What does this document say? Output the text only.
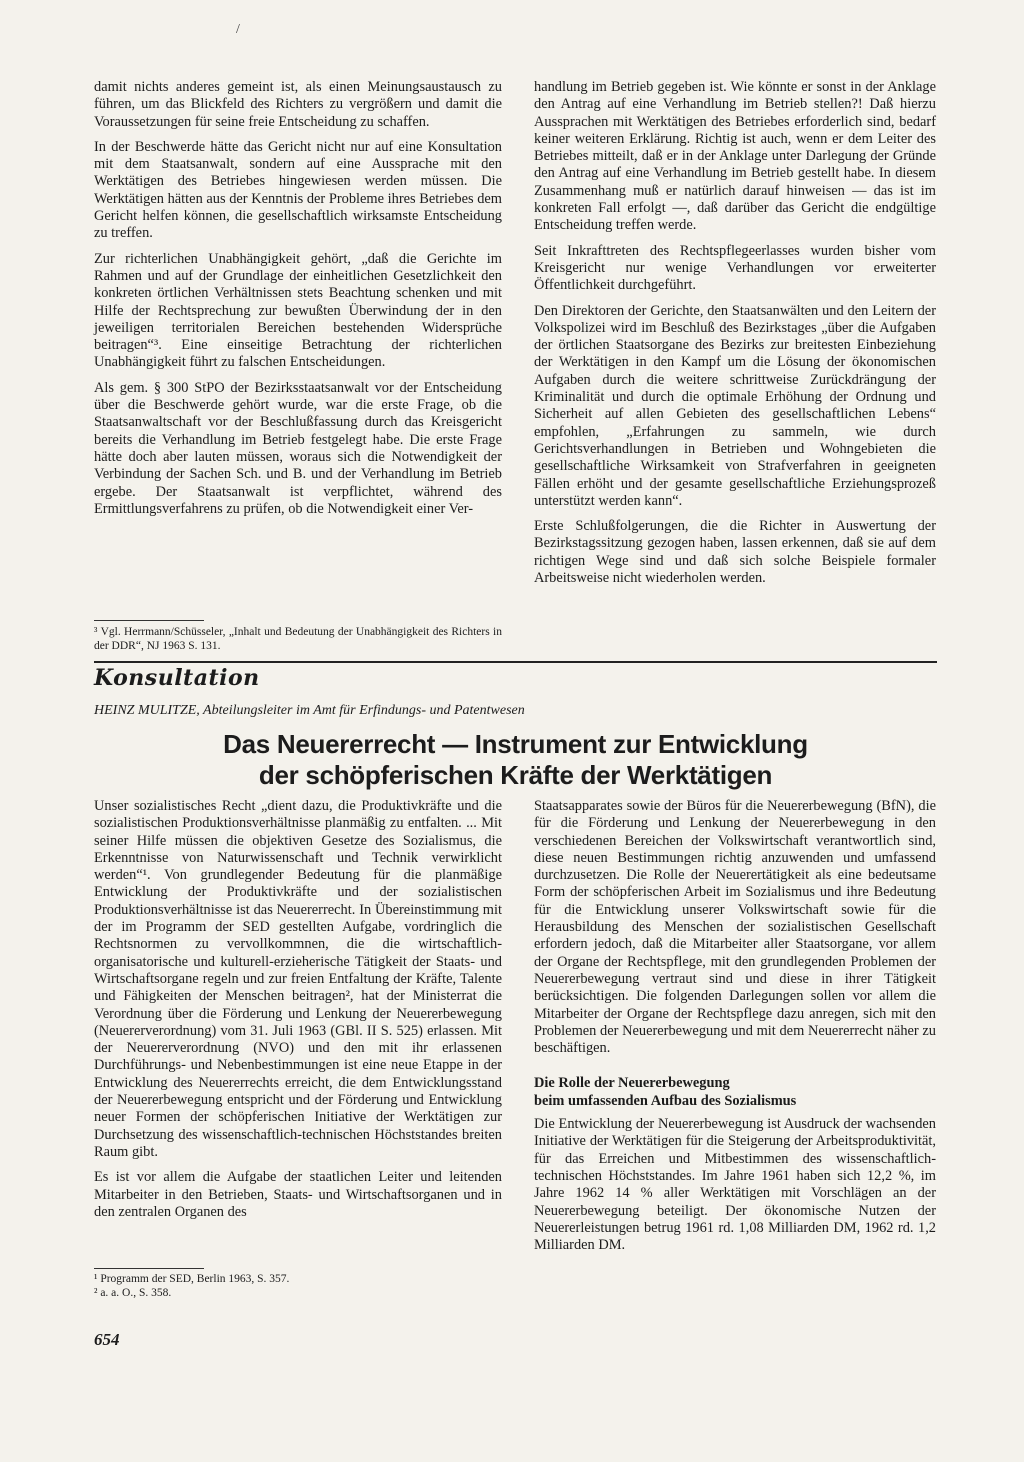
/

damit nichts anderes gemeint ist, als einen Meinungsaustausch zu führen, um das Blickfeld des Richters zu vergrößern und damit die Voraussetzungen für seine freie Entscheidung zu schaffen.

In der Beschwerde hätte das Gericht nicht nur auf eine Konsultation mit dem Staatsanwalt, sondern auf eine Aussprache mit den Werktätigen des Betriebes hingewiesen werden müssen. Die Werktätigen hätten aus der Kenntnis der Probleme ihres Betriebes dem Gericht helfen können, die gesellschaftlich wirksamste Entscheidung zu treffen.

Zur richterlichen Unabhängigkeit gehört, „daß die Gerichte im Rahmen und auf der Grundlage der einheitlichen Gesetzlichkeit den konkreten örtlichen Verhältnissen stets Beachtung schenken und mit Hilfe der Rechtsprechung zur bewußten Überwindung der in den jeweiligen territorialen Bereichen bestehenden Widersprüche beitragen“³. Eine einseitige Betrachtung der richterlichen Unabhängigkeit führt zu falschen Entscheidungen.

Als gem. § 300 StPO der Bezirksstaatsanwalt vor der Entscheidung über die Beschwerde gehört wurde, war die erste Frage, ob die Staatsanwaltschaft vor der Beschlußfassung durch das Kreisgericht bereits die Verhandlung im Betrieb festgelegt habe. Die erste Frage hätte doch aber lauten müssen, woraus sich die Notwendigkeit der Verbindung der Sachen Sch. und B. und der Verhandlung im Betrieb ergebe. Der Staatsanwalt ist verpflichtet, während des Ermittlungsverfahrens zu prüfen, ob die Notwendigkeit einer Ver-

³ Vgl. Herrmann/Schüsseler, „Inhalt und Bedeutung der Unabhängigkeit des Richters in der DDR“, NJ 1963 S. 131.

handlung im Betrieb gegeben ist. Wie könnte er sonst in der Anklage den Antrag auf eine Verhandlung im Betrieb stellen?! Daß hierzu Aussprachen mit Werktätigen des Betriebes erforderlich sind, bedarf keiner weiteren Erklärung. Richtig ist auch, wenn er dem Leiter des Betriebes mitteilt, daß er in der Anklage unter Darlegung der Gründe den Antrag auf eine Verhandlung im Betrieb gestellt habe. In diesem Zusammenhang muß er natürlich darauf hinweisen — das ist im konkreten Fall erfolgt —, daß darüber das Gericht die endgültige Entscheidung treffen werde.

Seit Inkrafttreten des Rechtspflegeerlasses wurden bisher vom Kreisgericht nur wenige Verhandlungen vor erweiterter Öffentlichkeit durchgeführt.

Den Direktoren der Gerichte, den Staatsanwälten und den Leitern der Volkspolizei wird im Beschluß des Bezirkstages „über die Aufgaben der örtlichen Staatsorgane des Bezirks zur breitesten Einbeziehung der Werktätigen in den Kampf um die Lösung der ökonomischen Aufgaben durch die weitere schrittweise Zurückdrängung der Kriminalität und durch die optimale Erhöhung der Ordnung und Sicherheit auf allen Gebieten des gesellschaftlichen Lebens“ empfohlen, „Erfahrungen zu sammeln, wie durch Gerichtsverhandlungen in Betrieben und Wohngebieten die gesellschaftliche Wirksamkeit von Strafverfahren in geeigneten Fällen erhöht und der gesamte gesellschaftliche Erziehungsprozeß unterstützt werden kann“.

Erste Schlußfolgerungen, die die Richter in Auswertung der Bezirkstagssitzung gezogen haben, lassen erkennen, daß sie auf dem richtigen Wege sind und daß sich solche Beispiele formaler Arbeitsweise nicht wiederholen werden.

Konsultation
HEINZ MULITZE, Abteilungsleiter im Amt für Erfindungs- und Patentwesen
Das Neuererrecht — Instrument zur Entwicklung
der schöpferischen Kräfte der Werktätigen

Unser sozialistisches Recht „dient dazu, die Produktivkräfte und die sozialistischen Produktionsverhältnisse planmäßig zu entfalten. ... Mit seiner Hilfe müssen die objektiven Gesetze des Sozialismus, die Erkenntnisse von Naturwissenschaft und Technik verwirklicht werden“¹. Von grundlegender Bedeutung für die planmäßige Entwicklung der Produktivkräfte und der sozialistischen Produktionsverhältnisse ist das Neuererrecht. In Übereinstimmung mit der im Programm der SED gestellten Aufgabe, vordringlich die Rechtsnormen zu vervollkommnen, die die wirtschaftlich-organisatorische und kulturell-erzieherische Tätigkeit der Staats- und Wirtschaftsorgane regeln und zur freien Entfaltung der Kräfte, Talente und Fähigkeiten der Menschen beitragen², hat der Ministerrat die Verordnung über die Förderung und Lenkung der Neuererbewegung (Neuererverordnung) vom 31. Juli 1963 (GBl. II S. 525) erlassen. Mit der Neuererverordnung (NVO) und den mit ihr erlassenen Durchführungs- und Nebenbestimmungen ist eine neue Etappe in der Entwicklung des Neuererrechts erreicht, die dem Entwicklungsstand der Neuererbewegung entspricht und der Förderung und Entwicklung neuer Formen der schöpferischen Initiative der Werktätigen zur Durchsetzung des wissenschaftlich-technischen Höchststandes breiten Raum gibt.

Es ist vor allem die Aufgabe der staatlichen Leiter und leitenden Mitarbeiter in den Betrieben, Staats- und Wirtschaftsorganen und in den zentralen Organen des

¹ Programm der SED, Berlin 1963, S. 357.
² a. a. O., S. 358.

Staatsapparates sowie der Büros für die Neuererbewegung (BfN), die für die Förderung und Lenkung der Neuererbewegung in den verschiedenen Bereichen der Volkswirtschaft verantwortlich sind, diese neuen Bestimmungen richtig anzuwenden und umfassend durchzusetzen. Die Rolle der Neuerertätigkeit als eine bedeutsame Form der schöpferischen Arbeit im Sozialismus und ihre Bedeutung für die Entwicklung unserer Volkswirtschaft sowie für die Herausbildung des Menschen der sozialistischen Gesellschaft erfordern jedoch, daß die Mitarbeiter aller Staatsorgane, vor allem der Organe der Rechtspflege, mit den grundlegenden Problemen der Neuererbewegung vertraut sind und diese in ihrer Tätigkeit berücksichtigen. Die folgenden Darlegungen sollen vor allem die Mitarbeiter der Organe der Rechtspflege dazu anregen, sich mit den Problemen der Neuererbewegung und mit dem Neuererrecht näher zu beschäftigen.

Die Rolle der Neuererbewegung
beim umfassenden Aufbau des Sozialismus

Die Entwicklung der Neuererbewegung ist Ausdruck der wachsenden Initiative der Werktätigen für die Steigerung der Arbeitsproduktivität, für das Erreichen und Mitbestimmen des wissenschaftlich-technischen Höchststandes. Im Jahre 1961 haben sich 12,2 %, im Jahre 1962 14 % aller Werktätigen mit Vorschlägen an der Neuererbewegung beteiligt. Der ökonomische Nutzen der Neuererleistungen betrug 1961 rd. 1,08 Milliarden DM, 1962 rd. 1,2 Milliarden DM.

654
